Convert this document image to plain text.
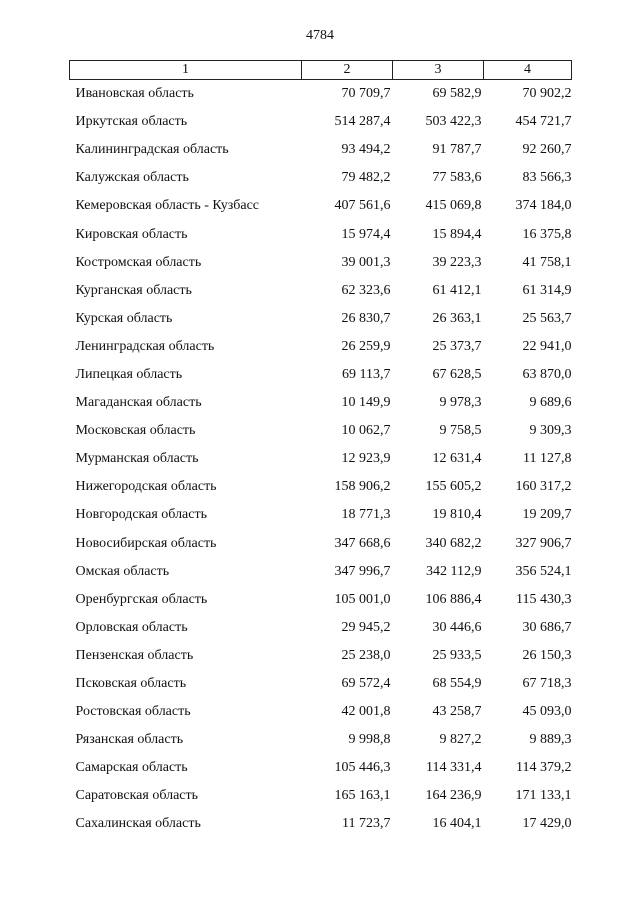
4784
1	2	3	4
Ивановская область	70 709,7	69 582,9	70 902,2
Иркутская область	514 287,4	503 422,3	454 721,7
Калининградская область	93 494,2	91 787,7	92 260,7
Калужская область	79 482,2	77 583,6	83 566,3
Кемеровская область - Кузбасс	407 561,6	415 069,8	374 184,0
Кировская область	15 974,4	15 894,4	16 375,8
Костромская область	39 001,3	39 223,3	41 758,1
Курганская область	62 323,6	61 412,1	61 314,9
Курская область	26 830,7	26 363,1	25 563,7
Ленинградская область	26 259,9	25 373,7	22 941,0
Липецкая область	69 113,7	67 628,5	63 870,0
Магаданская область	10 149,9	9 978,3	9 689,6
Московская область	10 062,7	9 758,5	9 309,3
Мурманская область	12 923,9	12 631,4	11 127,8
Нижегородская область	158 906,2	155 605,2	160 317,2
Новгородская область	18 771,3	19 810,4	19 209,7
Новосибирская область	347 668,6	340 682,2	327 906,7
Омская область	347 996,7	342 112,9	356 524,1
Оренбургская область	105 001,0	106 886,4	115 430,3
Орловская область	29 945,2	30 446,6	30 686,7
Пензенская область	25 238,0	25 933,5	26 150,3
Псковская область	69 572,4	68 554,9	67 718,3
Ростовская область	42 001,8	43 258,7	45 093,0
Рязанская область	9 998,8	9 827,2	9 889,3
Самарская область	105 446,3	114 331,4	114 379,2
Саратовская область	165 163,1	164 236,9	171 133,1
Сахалинская область	11 723,7	16 404,1	17 429,0
